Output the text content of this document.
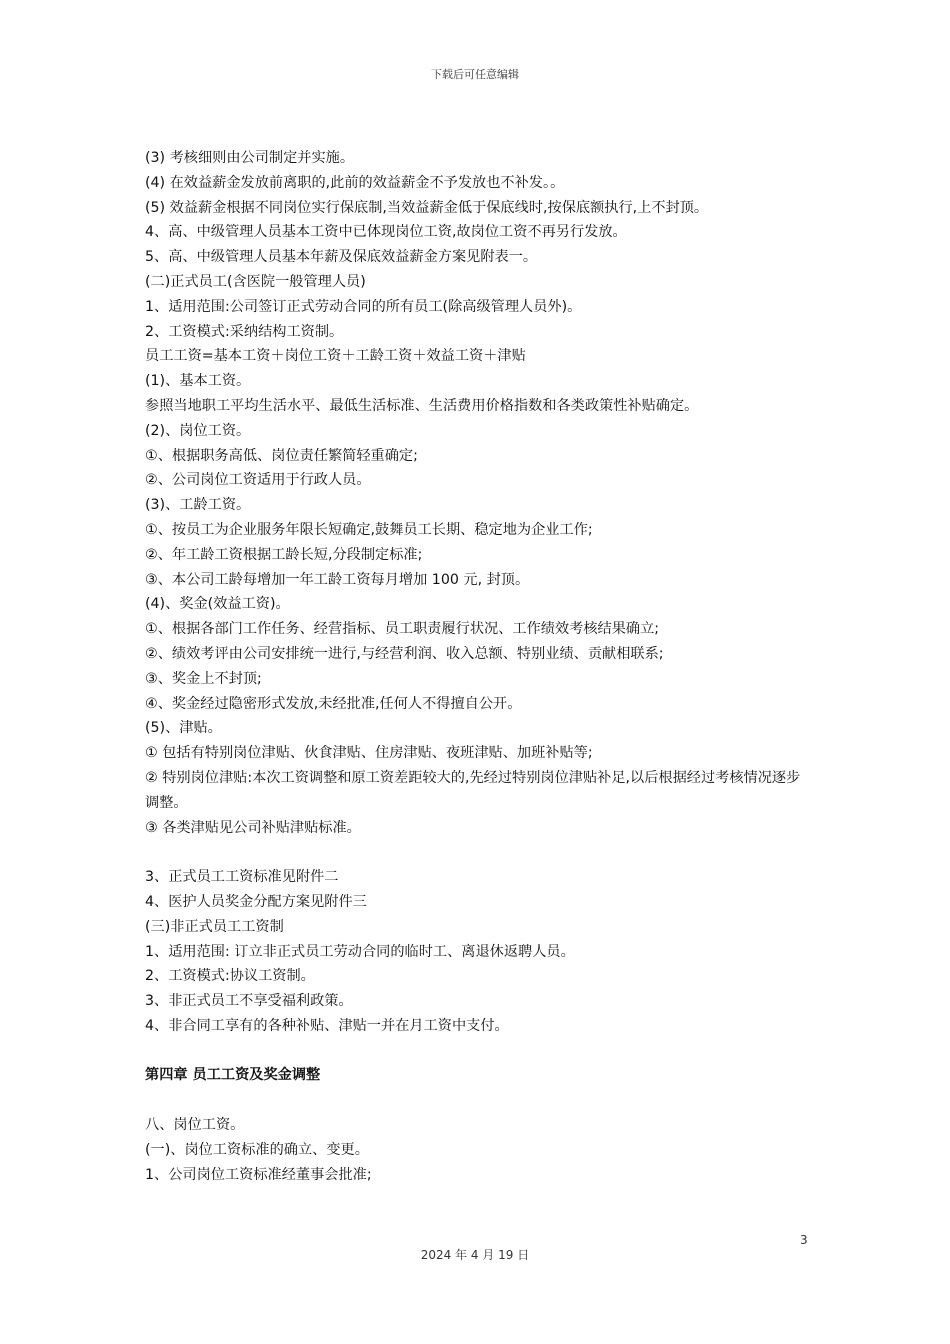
下载后可任意编辑
(3) 考核细则由公司制定并实施。
(4) 在效益薪金发放前离职的,此前的效益薪金不予发放也不补发。。
(5) 效益薪金根据不同岗位实行保底制,当效益薪金低于保底线时,按保底额执行,上不封顶。
4、高、中级管理人员基本工资中已体现岗位工资,故岗位工资不再另行发放。
5、高、中级管理人员基本年薪及保底效益薪金方案见附表一。
(二)正式员工(含医院一般管理人员)
1、适用范围:公司签订正式劳动合同的所有员工(除高级管理人员外)。
2、工资模式:采纳结构工资制。
员工工资=基本工资＋岗位工资＋工龄工资＋效益工资＋津贴
(1)、基本工资。
参照当地职工平均生活水平、最低生活标准、生活费用价格指数和各类政策性补贴确定。
(2)、岗位工资。
①、根据职务高低、岗位责任繁简轻重确定;
②、公司岗位工资适用于行政人员。
(3)、工龄工资。
①、按员工为企业服务年限长短确定,鼓舞员工长期、稳定地为企业工作;
②、年工龄工资根据工龄长短,分段制定标准;
③、本公司工龄每增加一年工龄工资每月增加 100 元, 封顶。
(4)、奖金(效益工资)。
①、根据各部门工作任务、经营指标、员工职责履行状况、工作绩效考核结果确立;
②、绩效考评由公司安排统一进行,与经营利润、收入总额、特别业绩、贡献相联系;
③、奖金上不封顶;
④、奖金经过隐密形式发放,未经批准,任何人不得擅自公开。
(5)、津贴。
① 包括有特别岗位津贴、伙食津贴、住房津贴、夜班津贴、加班补贴等;
② 特别岗位津贴:本次工资调整和原工资差距较大的,先经过特别岗位津贴补足,以后根据经过考核情况逐步调整。
③ 各类津贴见公司补贴津贴标准。
3、正式员工工资标准见附件二
4、医护人员奖金分配方案见附件三
(三)非正式员工工资制
1、适用范围: 订立非正式员工劳动合同的临时工、离退休返聘人员。
2、工资模式:协议工资制。
3、非正式员工不享受福利政策。
4、非合同工享有的各种补贴、津贴一并在月工资中支付。
第四章 员工工资及奖金调整
八、岗位工资。
(一)、岗位工资标准的确立、变更。
1、公司岗位工资标准经董事会批准;
3
2024 年 4 月 19 日
